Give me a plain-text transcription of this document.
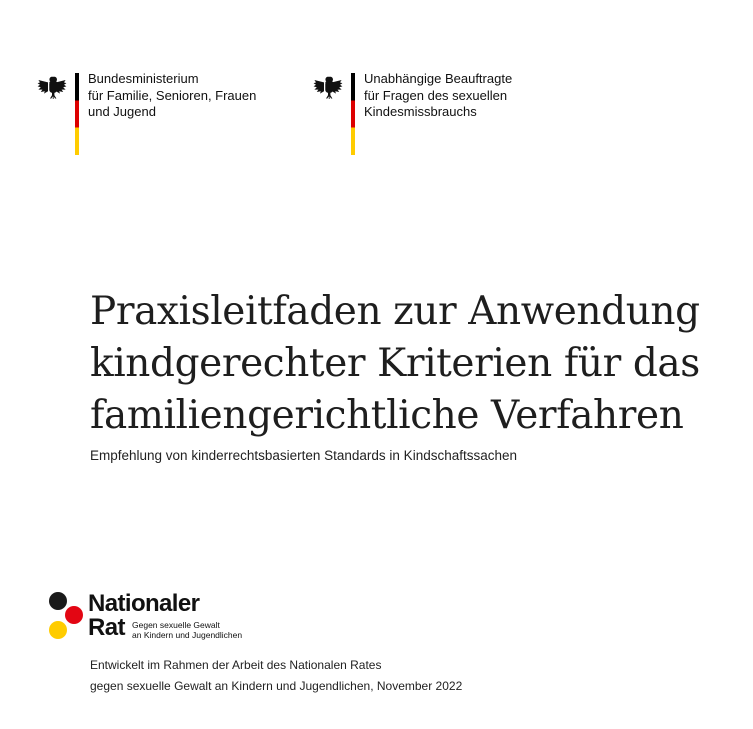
Bundesministerium
für Familie, Senioren, Frauen
und Jugend
Unabhängige Beauftragte
für Fragen des sexuellen
Kindesmissbrauchs
Praxisleitfaden zur Anwendung
kindgerechter Kriterien für das
familiengerichtliche Verfahren
Empfehlung von kinderrechtsbasierten Standards in Kindschaftssachen
Nationaler
Rat Gegen sexuelle Gewalt
an Kindern und Jugendlichen
Entwickelt im Rahmen der Arbeit des Nationalen Rates
gegen sexuelle Gewalt an Kindern und Jugendlichen, November 2022
